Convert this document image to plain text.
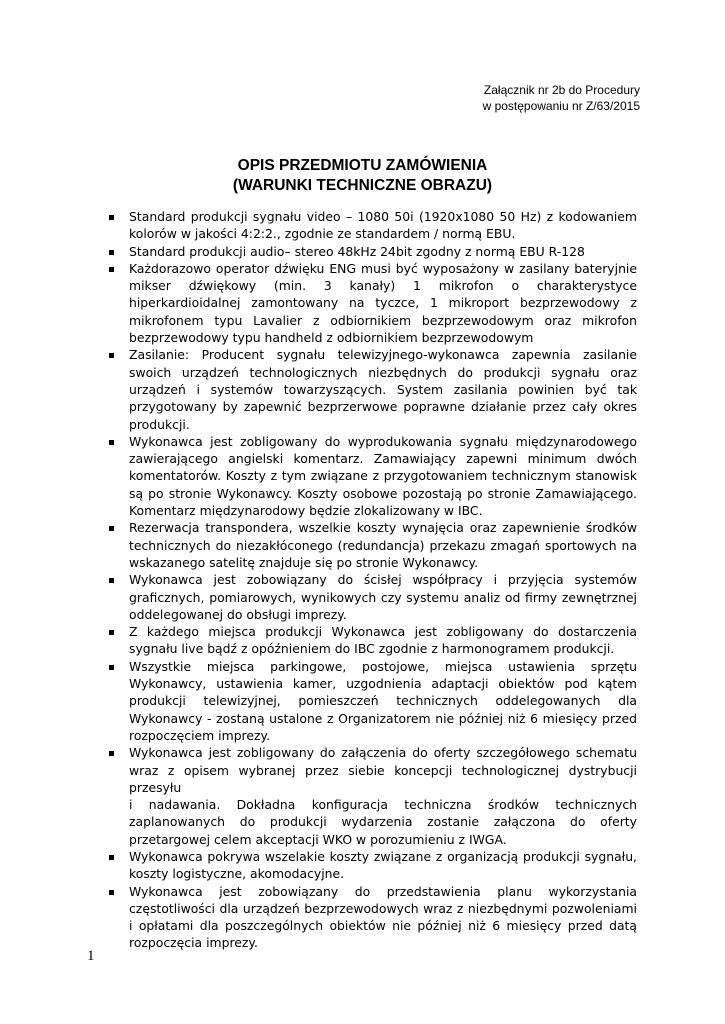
Załącznik nr 2b do Procedury
w postępowaniu nr Z/63/2015
OPIS PRZEDMIOTU ZAMÓWIENIA
(WARUNKI TECHNICZNE OBRAZU)
Standard produkcji sygnału video – 1080 50i (1920x1080 50 Hz) z kodowaniem kolorów w jakości 4:2:2., zgodnie ze standardem / normą EBU.
Standard produkcji audio– stereo 48kHz 24bit zgodny z normą EBU R-128
Każdorazowo operator dźwięku ENG musi być wyposażony w zasilany bateryjnie mikser dźwiękowy (min. 3 kanały) 1 mikrofon o charakterystyce hiperkardioidalnej zamontowany na tyczce, 1 mikroport bezprzewodowy z mikrofonem typu Lavalier z odbiornikiem bezprzewodowym oraz mikrofon bezprzewodowy typu handheld z odbiornikiem bezprzewodowym
Zasilanie: Producent sygnału telewizyjnego-wykonawca zapewnia zasilanie swoich urządzeń technologicznych niezbędnych do produkcji sygnału oraz urządzeń i systemów towarzyszących. System zasilania powinien być tak przygotowany by zapewnić bezprzerwowe poprawne działanie przez cały okres produkcji.
Wykonawca jest zobligowany do wyprodukowania sygnału międzynarodowego zawierającego angielski komentarz. Zamawiający zapewni minimum dwóch komentatorów. Koszty z tym związane z przygotowaniem technicznym stanowisk są po stronie Wykonawcy. Koszty osobowe pozostają po stronie Zamawiającego. Komentarz międzynarodowy będzie zlokalizowany w IBC.
Rezerwacja transpondera, wszelkie koszty wynajęcia oraz zapewnienie środków technicznych do niezakłóconego (redundancja) przekazu zmagań sportowych na wskazanego satelitę znajduje się po stronie Wykonawcy.
Wykonawca jest zobowiązany do ścisłej współpracy i przyjęcia systemów graficznych, pomiarowych, wynikowych czy systemu analiz od firmy zewnętrznej oddelegowanej do obsługi imprezy.
Z każdego miejsca produkcji Wykonawca jest zobligowany do dostarczenia sygnału live bądź z opóźnieniem do IBC zgodnie z harmonogramem produkcji.
Wszystkie miejsca parkingowe, postojowe, miejsca ustawienia sprzętu Wykonawcy, ustawienia kamer, uzgodnienia adaptacji obiektów pod kątem produkcji telewizyjnej, pomieszczeń technicznych oddelegowanych dla Wykonawcy - zostaną ustalone z Organizatorem nie później niż 6 miesięcy przed rozpoczęciem imprezy.
Wykonawca jest zobligowany do załączenia do oferty szczegółowego schematu wraz z opisem wybranej przez siebie koncepcji technologicznej dystrybucji przesyłu
i nadawania. Dokładna konfiguracja techniczna środków technicznych zaplanowanych do produkcji wydarzenia zostanie załączona do oferty przetargowej celem akceptacji WKO w porozumieniu z IWGA.
Wykonawca pokrywa wszelakie koszty związane z organizacją produkcji sygnału, koszty logistyczne, akomodacyjne.
Wykonawca jest zobowiązany do przedstawienia planu wykorzystania częstotliwości dla urządzeń bezprzewodowych wraz z niezbędnymi pozwoleniami i opłatami dla poszczególnych obiektów nie później niż 6 miesięcy przed datą rozpoczęcia imprezy.
1
